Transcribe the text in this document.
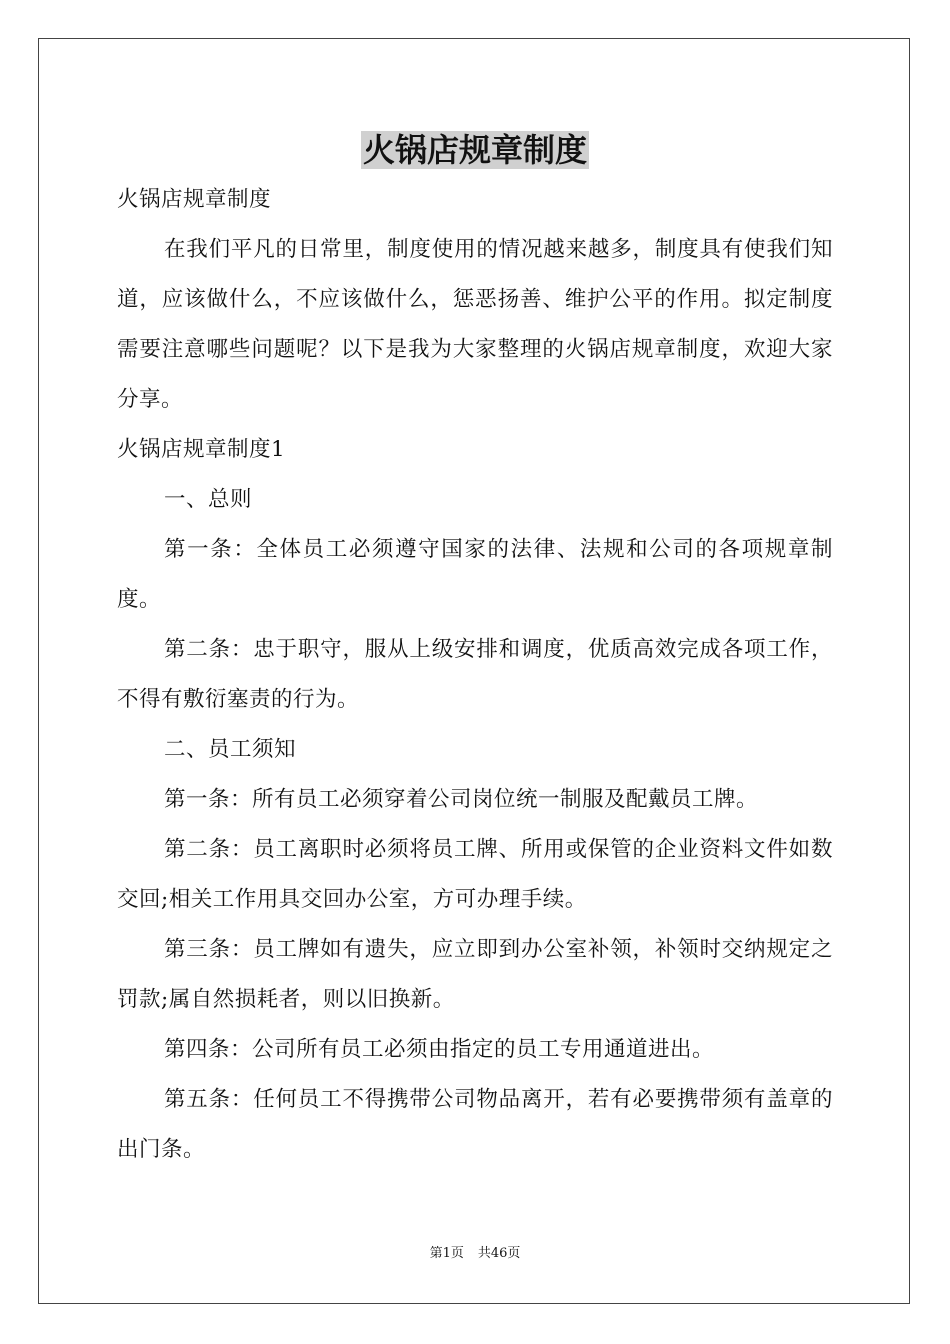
火锅店规章制度

火锅店规章制度

在我们平凡的日常里，制度使用的情况越来越多，制度具有使我们知道，应该做什么，不应该做什么，惩恶扬善、维护公平的作用。拟定制度需要注意哪些问题呢？以下是我为大家整理的火锅店规章制度，欢迎大家分享。

火锅店规章制度1

一、总则

第一条：全体员工必须遵守国家的法律、法规和公司的各项规章制度。

第二条：忠于职守，服从上级安排和调度，优质高效完成各项工作，不得有敷衍塞责的行为。

二、员工须知

第一条：所有员工必须穿着公司岗位统一制服及配戴员工牌。

第二条：员工离职时必须将员工牌、所用或保管的企业资料文件如数交回;相关工作用具交回办公室，方可办理手续。

第三条：员工牌如有遗失，应立即到办公室补领，补领时交纳规定之罚款;属自然损耗者，则以旧换新。

第四条：公司所有员工必须由指定的员工专用通道进出。

第五条：任何员工不得携带公司物品离开，若有必要携带须有盖章的出门条。

第1页 共46页
